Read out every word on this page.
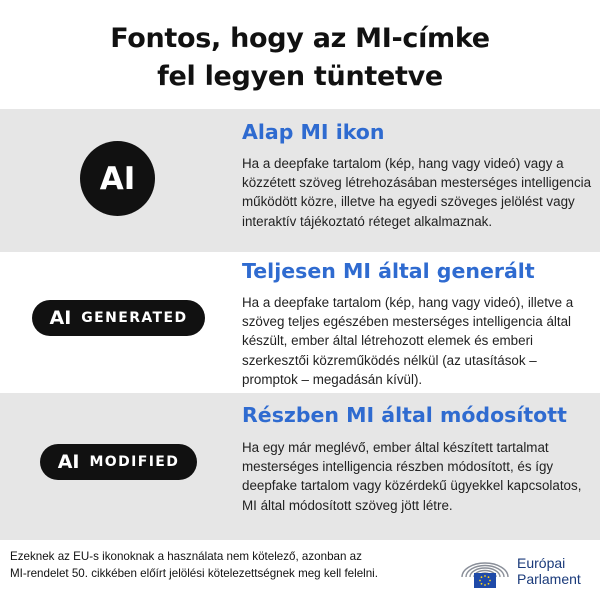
Fontos, hogy az MI-címke
fel legyen tüntetve
AI
Alap MI ikon

Ha a deepfake tartalom (kép, hang vagy videó) vagy a közzétett szöveg létrehozásában mesterséges intelligencia működött közre, illetve ha egyedi szöveges jelölést vagy interaktív tájékoztató réteget alkalmaznak.

AI GENERATED
Teljesen MI által generált

Ha a deepfake tartalom (kép, hang vagy videó), illetve a szöveg teljes egészében mesterséges intelligencia által készült, ember által létrehozott elemek és emberi szerkesztői közreműködés nélkül (az utasítások – promptok – megadásán kívül).

AI MODIFIED
Részben MI által módosított

Ha egy már meglévő, ember által készített tartalmat mesterséges intelligencia részben módosított, és így deepfake tartalom vagy közérdekű ügyekkel kapcsolatos, MI által módosított szöveg jött létre.

Ezeknek az EU-s ikonoknak a használata nem kötelező, azonban az
MI-rendelet 50. cikkében előírt jelölési kötelezettségnek meg kell felelni.

Európai
Parlament
